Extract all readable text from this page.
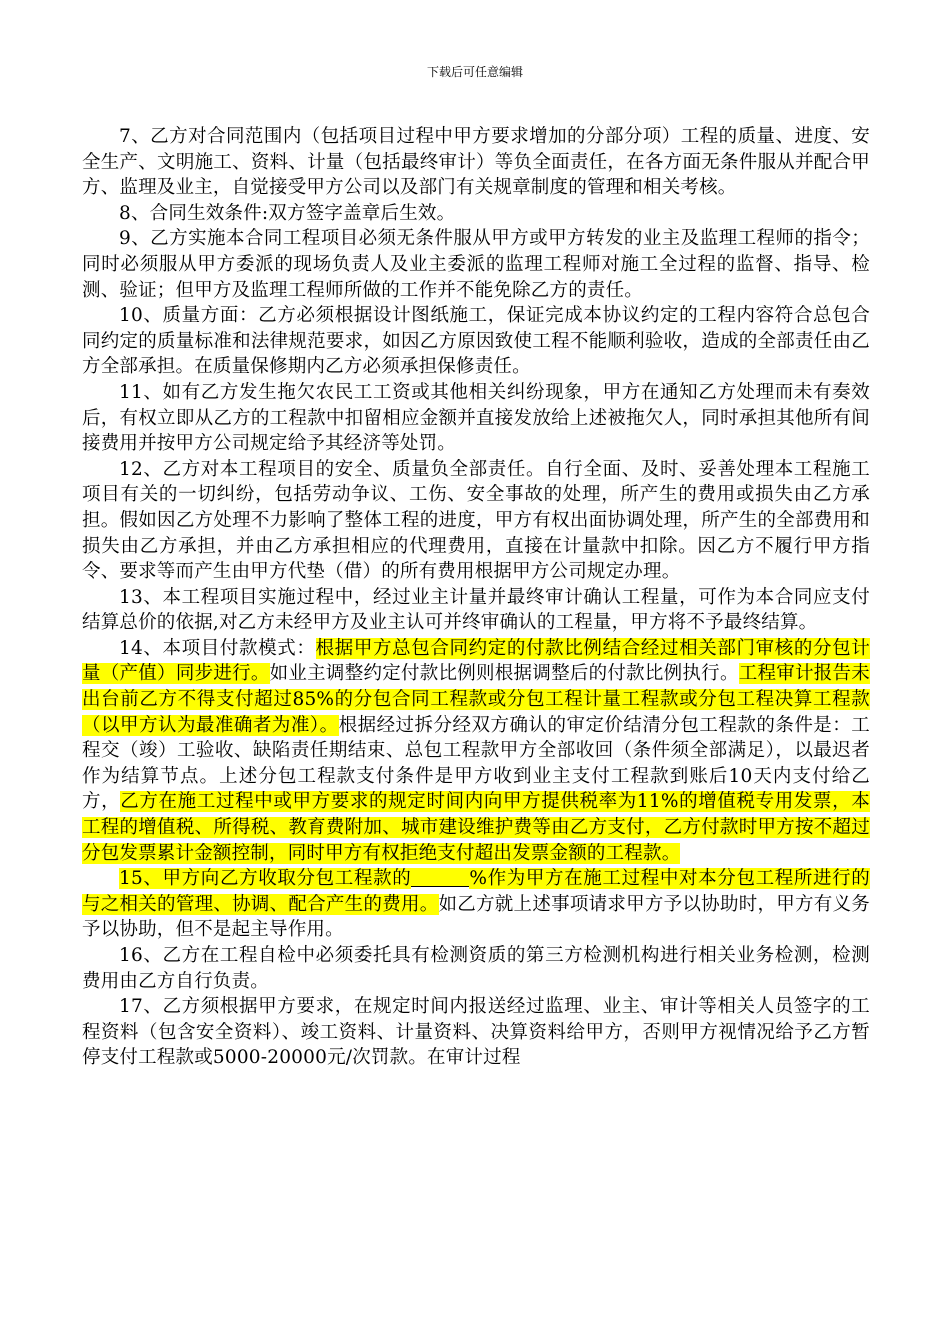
下载后可任意编辑

7、乙方对合同范围内（包括项目过程中甲方要求增加的分部分项）工程的质量、进度、安全生产、文明施工、资料、计量（包括最终审计）等负全面责任，在各方面无条件服从并配合甲方、监理及业主，自觉接受甲方公司以及部门有关规章制度的管理和相关考核。

8、合同生效条件:双方签字盖章后生效。

9、乙方实施本合同工程项目必须无条件服从甲方或甲方转发的业主及监理工程师的指令；同时必须服从甲方委派的现场负责人及业主委派的监理工程师对施工全过程的监督、指导、检测、验证；但甲方及监理工程师所做的工作并不能免除乙方的责任。

10、质量方面：乙方必须根据设计图纸施工，保证完成本协议约定的工程内容符合总包合同约定的质量标准和法律规范要求，如因乙方原因致使工程不能顺利验收，造成的全部责任由乙方全部承担。在质量保修期内乙方必须承担保修责任。

11、如有乙方发生拖欠农民工工资或其他相关纠纷现象，甲方在通知乙方处理而未有奏效后，有权立即从乙方的工程款中扣留相应金额并直接发放给上述被拖欠人，同时承担其他所有间接费用并按甲方公司规定给予其经济等处罚。

12、乙方对本工程项目的安全、质量负全部责任。自行全面、及时、妥善处理本工程施工项目有关的一切纠纷，包括劳动争议、工伤、安全事故的处理，所产生的费用或损失由乙方承担。假如因乙方处理不力影响了整体工程的进度，甲方有权出面协调处理，所产生的全部费用和损失由乙方承担，并由乙方承担相应的代理费用，直接在计量款中扣除。因乙方不履行甲方指令、要求等而产生由甲方代垫（借）的所有费用根据甲方公司规定办理。

13、本工程项目实施过程中，经过业主计量并最终审计确认工程量，可作为本合同应支付结算总价的依据,对乙方未经甲方及业主认可并终审确认的工程量，甲方将不予最终结算。

14、本项目付款模式：根据甲方总包合同约定的付款比例结合经过相关部门审核的分包计量（产值）同步进行。如业主调整约定付款比例则根据调整后的付款比例执行。工程审计报告未出台前乙方不得支付超过85%的分包合同工程款或分包工程计量工程款或分包工程决算工程款（以甲方认为最准确者为准）。根据经过拆分经双方确认的审定价结清分包工程款的条件是：工程交（竣）工验收、缺陷责任期结束、总包工程款甲方全部收回（条件须全部满足），以最迟者作为结算节点。上述分包工程款支付条件是甲方收到业主支付工程款到账后10天内支付给乙方，乙方在施工过程中或甲方要求的规定时间内向甲方提供税率为11%的增值税专用发票，本工程的增值税、所得税、教育费附加、城市建设维护费等由乙方支付，乙方付款时甲方按不超过分包发票累计金额控制，同时甲方有权拒绝支付超出发票金额的工程款。

15、甲方向乙方收取分包工程款的	%作为甲方在施工过程中对本分包工程所进行的与之相关的管理、协调、配合产生的费用。如乙方就上述事项请求甲方予以协助时，甲方有义务予以协助，但不是起主导作用。

16、乙方在工程自检中必须委托具有检测资质的第三方检测机构进行相关业务检测，检测费用由乙方自行负责。

17、乙方须根据甲方要求，在规定时间内报送经过监理、业主、审计等相关人员签字的工程资料（包含安全资料）、竣工资料、计量资料、决算资料给甲方，否则甲方视情况给予乙方暂停支付工程款或5000-20000元/次罚款。在审计过程
